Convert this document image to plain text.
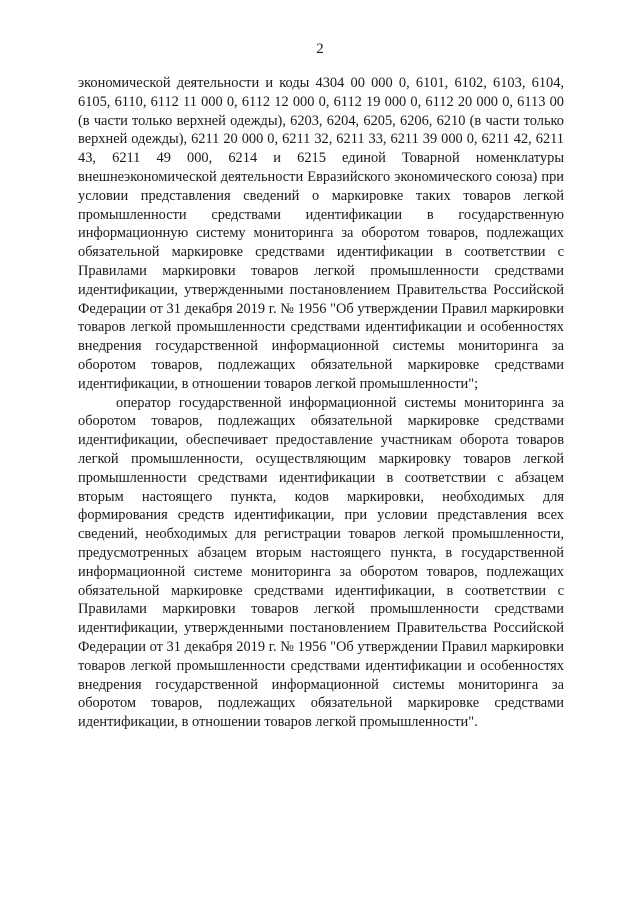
2

экономической деятельности и коды 4304 00 000 0, 6101, 6102, 6103, 6104, 6105, 6110, 6112 11 000 0, 6112 12 000 0, 6112 19 000 0, 6112 20 000 0, 6113 00 (в части только верхней одежды), 6203, 6204, 6205, 6206, 6210 (в части только верхней одежды), 6211 20 000 0, 6211 32, 6211 33, 6211 39 000 0, 6211 42, 6211 43, 6211 49 000, 6214 и 6215 единой Товарной номенклатуры внешнеэкономической деятельности Евразийского экономического союза) при условии представления сведений о маркировке таких товаров легкой промышленности средствами идентификации в государственную информационную систему мониторинга за оборотом товаров, подлежащих обязательной маркировке средствами идентификации в соответствии с Правилами маркировки товаров легкой промышленности средствами идентификации, утвержденными постановлением Правительства Российской Федерации от 31 декабря 2019 г. № 1956 "Об утверждении Правил маркировки товаров легкой промышленности средствами идентификации и особенностях внедрения государственной информационной системы мониторинга за оборотом товаров, подлежащих обязательной маркировке средствами идентификации, в отношении товаров легкой промышленности";

оператор государственной информационной системы мониторинга за оборотом товаров, подлежащих обязательной маркировке средствами идентификации, обеспечивает предоставление участникам оборота товаров легкой промышленности, осуществляющим маркировку товаров легкой промышленности средствами идентификации в соответствии с абзацем вторым настоящего пункта, кодов маркировки, необходимых для формирования средств идентификации, при условии представления всех сведений, необходимых для регистрации товаров легкой промышленности, предусмотренных абзацем вторым настоящего пункта, в государственной информационной системе мониторинга за оборотом товаров, подлежащих обязательной маркировке средствами идентификации, в соответствии с Правилами маркировки товаров легкой промышленности средствами идентификации, утвержденными постановлением Правительства Российской Федерации от 31 декабря 2019 г. № 1956 "Об утверждении Правил маркировки товаров легкой промышленности средствами идентификации и особенностях внедрения государственной информационной системы мониторинга за оборотом товаров, подлежащих обязательной маркировке средствами идентификации, в отношении товаров легкой промышленности".
